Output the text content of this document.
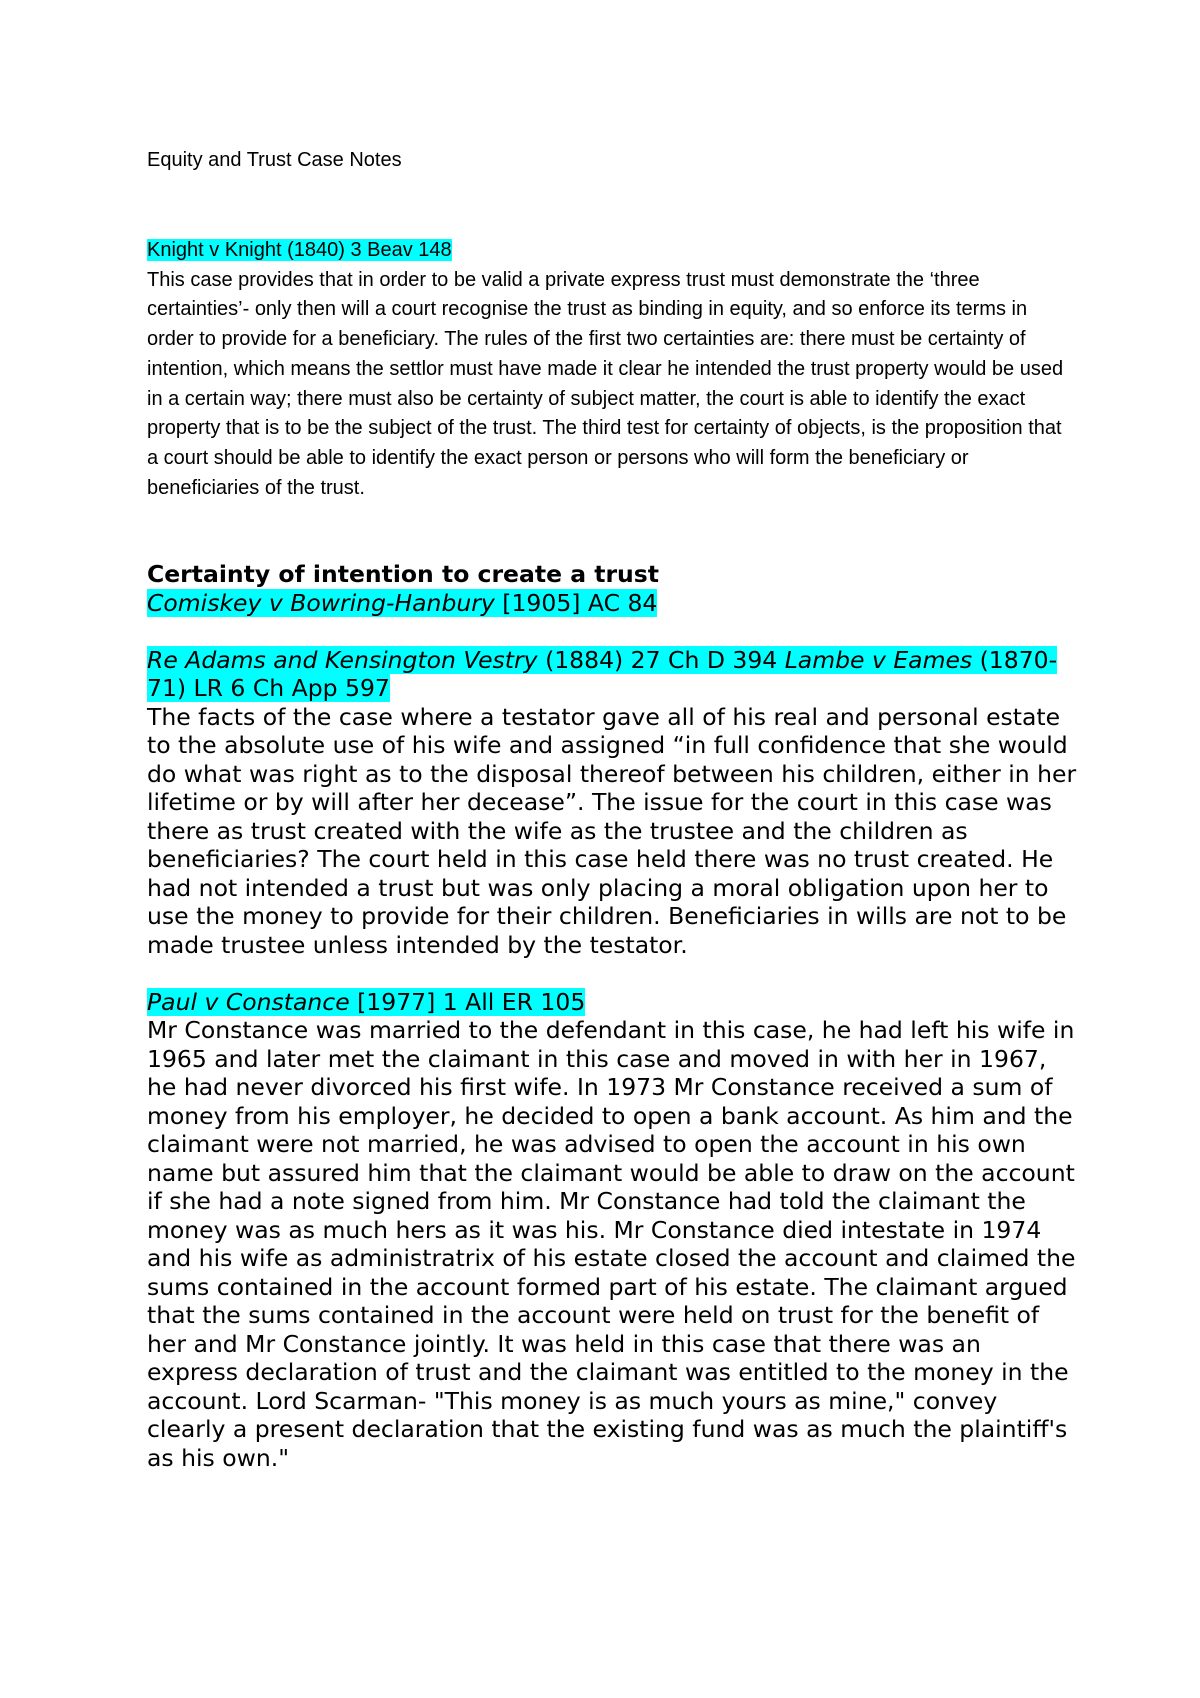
Equity and Trust Case Notes

Knight v Knight (1840) 3 Beav 148

This case provides that in order to be valid a private express trust must demonstrate the ‘three certainties’- only then will a court recognise the trust as binding in equity, and so enforce its terms in order to provide for a beneficiary. The rules of the first two certainties are: there must be certainty of intention, which means the settlor must have made it clear he intended the trust property would be used in a certain way; there must also be certainty of subject matter, the court is able to identify the exact property that is to be the subject of the trust. The third test for certainty of objects, is the proposition that a court should be able to identify the exact person or persons who will form the beneficiary or beneficiaries of the trust.

Certainty of intention to create a trust

Comiskey v Bowring-Hanbury [1905] AC 84

Re Adams and Kensington Vestry (1884) 27 Ch D 394 Lambe v Eames (1870-71) LR 6 Ch App 597

The facts of the case where a testator gave all of his real and personal estate to the absolute use of his wife and assigned “in full confidence that she would do what was right as to the disposal thereof between his children, either in her lifetime or by will after her decease”. The issue for the court in this case was there as trust created with the wife as the trustee and the children as beneficiaries? The court held in this case held there was no trust created. He had not intended a trust but was only placing a moral obligation upon her to use the money to provide for their children. Beneficiaries in wills are not to be made trustee unless intended by the testator.

Paul v Constance [1977] 1 All ER 105

Mr Constance was married to the defendant in this case, he had left his wife in 1965 and later met the claimant in this case and moved in with her in 1967, he had never divorced his first wife. In 1973 Mr Constance received a sum of money from his employer, he decided to open a bank account. As him and the claimant were not married, he was advised to open the account in his own name but assured him that the claimant would be able to draw on the account if she had a note signed from him. Mr Constance had told the claimant the money was as much hers as it was his. Mr Constance died intestate in 1974 and his wife as administratrix of his estate closed the account and claimed the sums contained in the account formed part of his estate. The claimant argued that the sums contained in the account were held on trust for the benefit of her and Mr Constance jointly. It was held in this case that there was an express declaration of trust and the claimant was entitled to the money in the account. Lord Scarman- "This money is as much yours as mine," convey clearly a present declaration that the existing fund was as much the plaintiff's as his own."
